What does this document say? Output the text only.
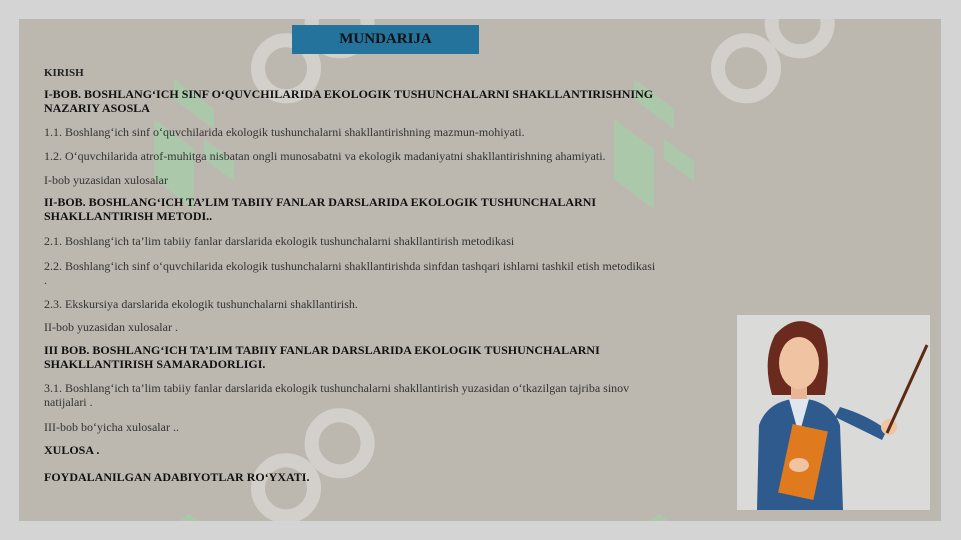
MUNDARIJA
KIRISH
I-BOB. BOSHLANG‘ICH SINF O‘QUVCHILARIDA EKOLOGIK TUSHUNCHALARNI SHAKLLANTIRISHNING
NAZARIY ASOSLA
1.1. Boshlang‘ich sinf o‘quvchilarida ekologik tushunchalarni shakllantirishning mazmun-mohiyati.
1.2. O‘quvchilarida atrof-muhitga nisbatan ongli munosabatni va ekologik madaniyatni shakllantirishning ahamiyati.
I-bob yuzasidan xulosalar
II-BOB. BOSHLANG‘ICH TA’LIM TABIIY FANLAR DARSLARIDA EKOLOGIK TUSHUNCHALARNI
SHAKLLANTIRISH METODI..
2.1. Boshlang‘ich ta’lim tabiiy fanlar darslarida ekologik tushunchalarni shakllantirish metodikasi
2.2. Boshlang‘ich sinf o‘quvchilarida ekologik tushunchalarni shakllantirishda sinfdan tashqari ishlarni tashkil etish metodikasi
.
2.3. Ekskursiya darslarida ekologik tushunchalarni shakllantirish.
II-bob yuzasidan xulosalar .
III BOB. BOSHLANG‘ICH TA’LIM TABIIY FANLAR DARSLARIDA EKOLOGIK TUSHUNCHALARNI
SHAKLLANTIRISH SAMARADORLIGI.
3.1. Boshlang‘ich ta’lim tabiiy fanlar darslarida ekologik tushunchalarni shakllantirish yuzasidan o‘tkazilgan tajriba sinov
natijalari .
III-bob bo‘yicha xulosalar ..
XULOSA .
FOYDALANILGAN ADABIYOTLAR RO‘YXATI.
